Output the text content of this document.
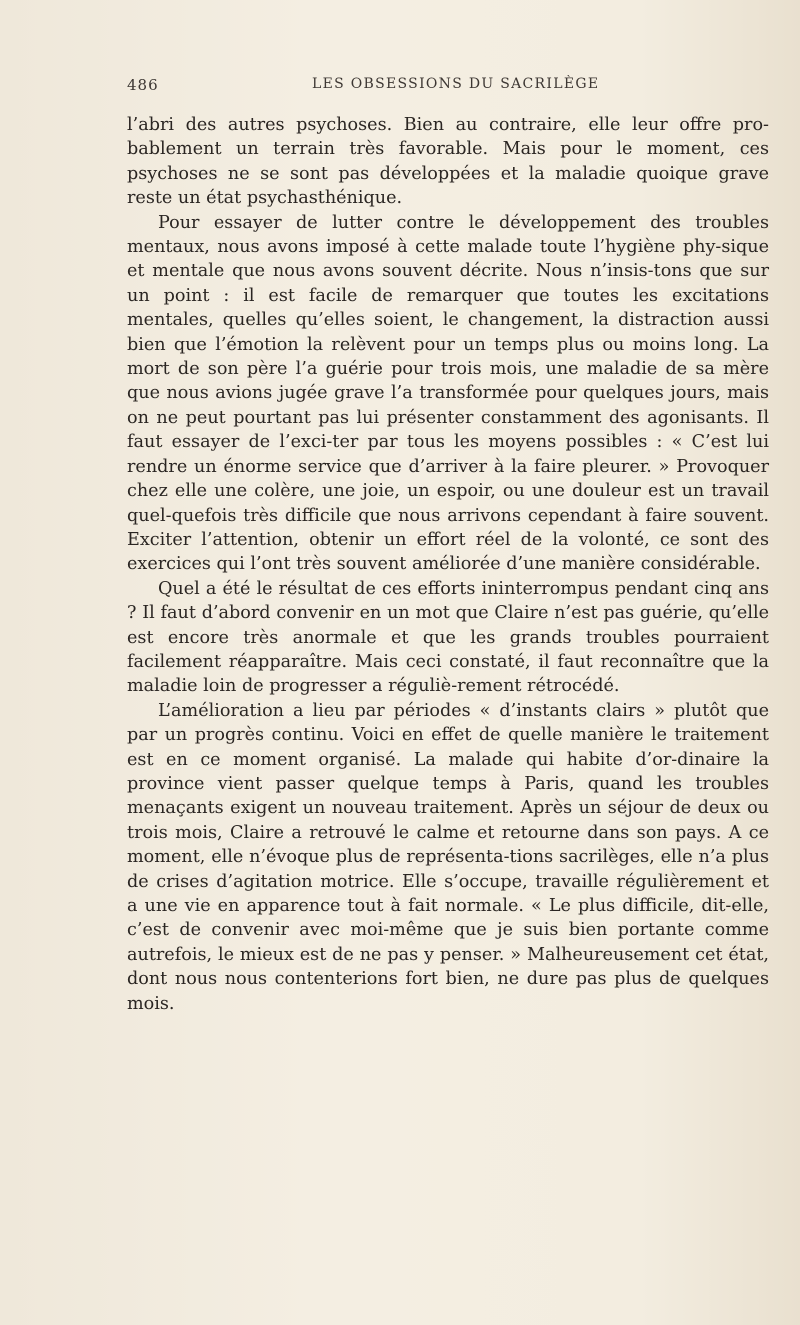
486	LES OBSESSIONS DU SACRILÈGE

l’abri des autres psychoses. Bien au contraire, elle leur offre pro-bablement un terrain très favorable. Mais pour le moment, ces psychoses ne se sont pas développées et la maladie quoique grave reste un état psychasthénique.

Pour essayer de lutter contre le développement des troubles mentaux, nous avons imposé à cette malade toute l’hygiène phy-sique et mentale que nous avons souvent décrite. Nous n’insis-tons que sur un point : il est facile de remarquer que toutes les excitations mentales, quelles qu’elles soient, le changement, la distraction aussi bien que l’émotion la relèvent pour un temps plus ou moins long. La mort de son père l’a guérie pour trois mois, une maladie de sa mère que nous avions jugée grave l’a transformée pour quelques jours, mais on ne peut pourtant pas lui présenter constamment des agonisants. Il faut essayer de l’exci-ter par tous les moyens possibles : « C’est lui rendre un énorme service que d’arriver à la faire pleurer. » Provoquer chez elle une colère, une joie, un espoir, ou une douleur est un travail quel-quefois très difficile que nous arrivons cependant à faire souvent. Exciter l’attention, obtenir un effort réel de la volonté, ce sont des exercices qui l’ont très souvent améliorée d’une manière considérable.

Quel a été le résultat de ces efforts ininterrompus pendant cinq ans ? Il faut d’abord convenir en un mot que Claire n’est pas guérie, qu’elle est encore très anormale et que les grands troubles pourraient facilement réapparaître. Mais ceci constaté, il faut reconnaître que la maladie loin de progresser a réguliè-rement rétrocédé.

L’amélioration a lieu par périodes « d’instants clairs » plutôt que par un progrès continu. Voici en effet de quelle manière le traitement est en ce moment organisé. La malade qui habite d’or-dinaire la province vient passer quelque temps à Paris, quand les troubles menaçants exigent un nouveau traitement. Après un séjour de deux ou trois mois, Claire a retrouvé le calme et retourne dans son pays. A ce moment, elle n’évoque plus de représenta-tions sacrilèges, elle n’a plus de crises d’agitation motrice. Elle s’occupe, travaille régulièrement et a une vie en apparence tout à fait normale. « Le plus difficile, dit-elle, c’est de convenir avec moi-même que je suis bien portante comme autrefois, le mieux est de ne pas y penser. » Malheureusement cet état, dont nous nous contenterions fort bien, ne dure pas plus de quelques mois.
